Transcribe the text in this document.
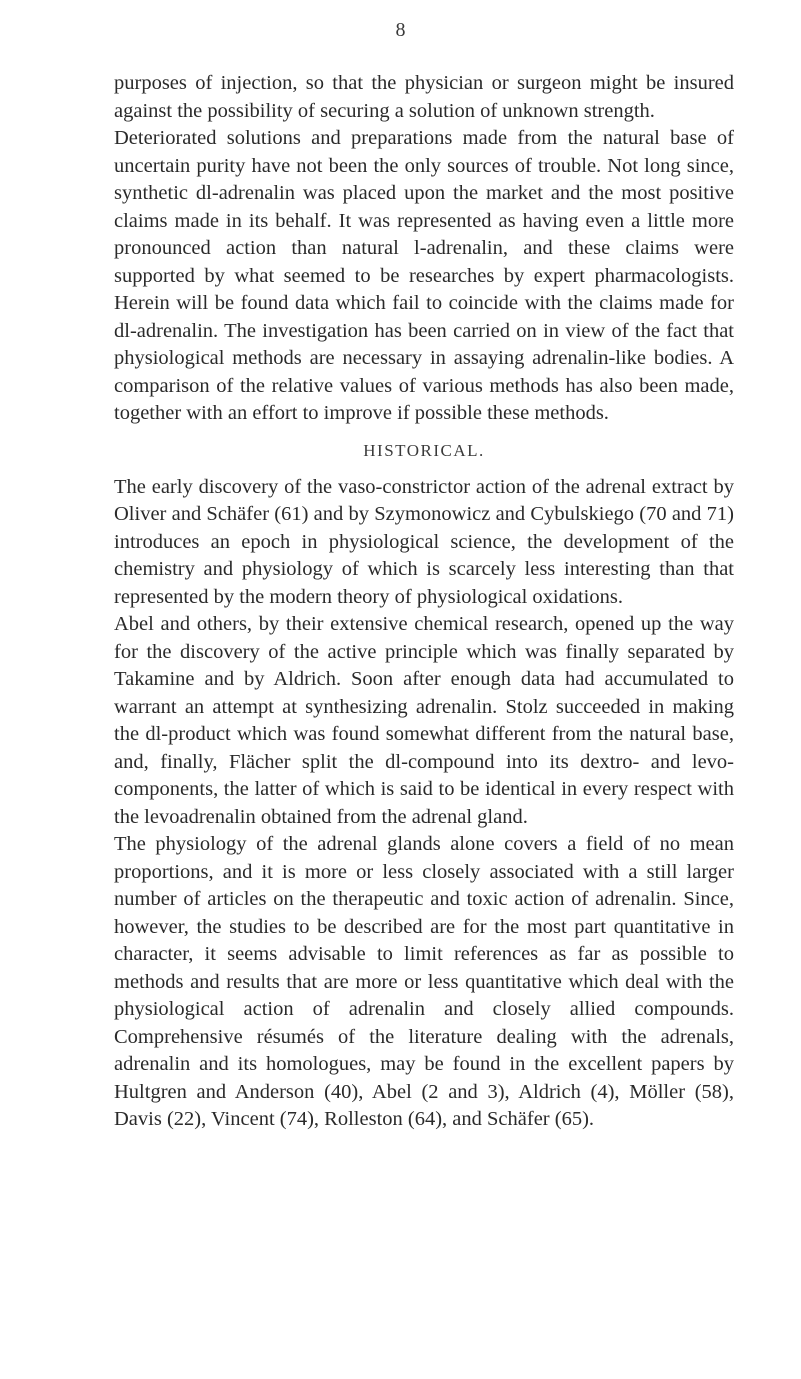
8

purposes of injection, so that the physician or surgeon might be insured against the possibility of securing a solution of unknown strength.

Deteriorated solutions and preparations made from the natural base of uncertain purity have not been the only sources of trouble. Not long since, synthetic dl-adrenalin was placed upon the market and the most positive claims made in its behalf. It was represented as having even a little more pronounced action than natural l-adrenalin, and these claims were supported by what seemed to be researches by expert pharmacologists. Herein will be found data which fail to coincide with the claims made for dl-adrenalin. The investigation has been carried on in view of the fact that physiological methods are necessary in assaying adrenalin-like bodies. A comparison of the relative values of various methods has also been made, together with an effort to improve if possible these methods.

HISTORICAL.

The early discovery of the vaso-constrictor action of the adrenal extract by Oliver and Schäfer (61) and by Szymonowicz and Cybulskiego (70 and 71) introduces an epoch in physiological science, the development of the chemistry and physiology of which is scarcely less interesting than that represented by the modern theory of physiological oxidations.

Abel and others, by their extensive chemical research, opened up the way for the discovery of the active principle which was finally separated by Takamine and by Aldrich. Soon after enough data had accumulated to warrant an attempt at synthesizing adrenalin. Stolz succeeded in making the dl-product which was found somewhat different from the natural base, and, finally, Flächer split the dl-compound into its dextro- and levo- components, the latter of which is said to be identical in every respect with the levoadrenalin obtained from the adrenal gland.

The physiology of the adrenal glands alone covers a field of no mean proportions, and it is more or less closely associated with a still larger number of articles on the therapeutic and toxic action of adrenalin. Since, however, the studies to be described are for the most part quantitative in character, it seems advisable to limit references as far as possible to methods and results that are more or less quantitative which deal with the physiological action of adrenalin and closely allied compounds. Comprehensive résumés of the literature dealing with the adrenals, adrenalin and its homologues, may be found in the excellent papers by Hultgren and Anderson (40), Abel (2 and 3), Aldrich (4), Möller (58), Davis (22), Vincent (74), Rolleston (64), and Schäfer (65).
